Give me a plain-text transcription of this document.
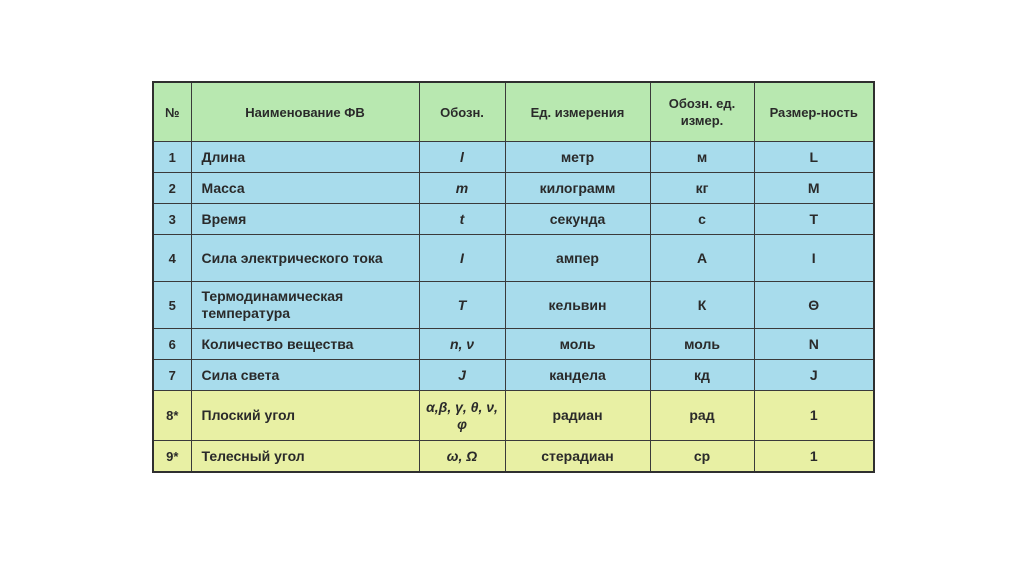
№	Наименование ФВ	Обозн.	Ед. измерения	Обозн. ед. измер.	Размер-ность
1	Длина	l	метр	м	L
2	Масса	m	килограмм	кг	M
3	Время	t	секунда	с	T
4	Сила электрического тока	I	ампер	А	I
5	Термодинамическая температура	T	кельвин	К	Θ
6	Количество вещества	n, ν	моль	моль	N
7	Сила света	J	кандела	кд	J
8*	Плоский угол	α,β, γ, θ, ν, φ	радиан	рад	1
9*	Телесный угол	ω, Ω	стерадиан	ср	1
